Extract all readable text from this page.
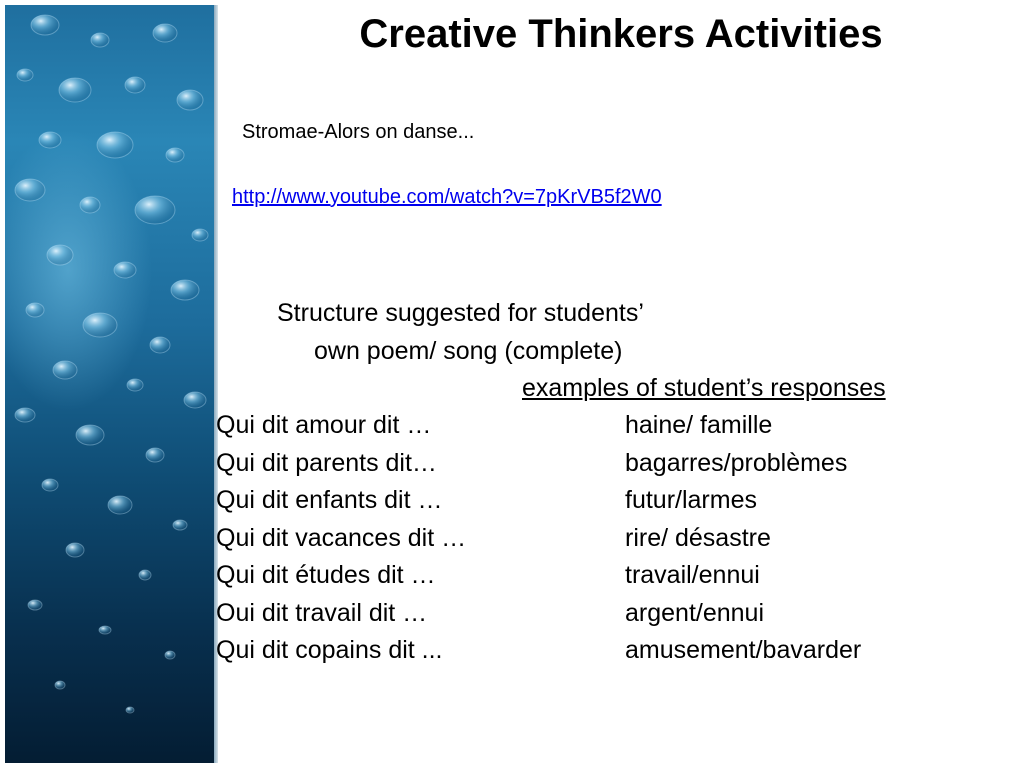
Creative Thinkers Activities
Stromae-Alors on danse...
http://www.youtube.com/watch?v=7pKrVB5f2W0
Structure suggested for students’
own poem/ song (complete)
examples of student’s responses
Qui dit amour dit …	haine/ famille
Qui dit parents dit…	bagarres/problèmes
Qui dit enfants dit …	futur/larmes
Qui dit vacances dit …	rire/ désastre
Qui dit études dit …	travail/ennui
Oui dit travail dit …	argent/ennui
Qui dit copains dit ...	amusement/bavarder
